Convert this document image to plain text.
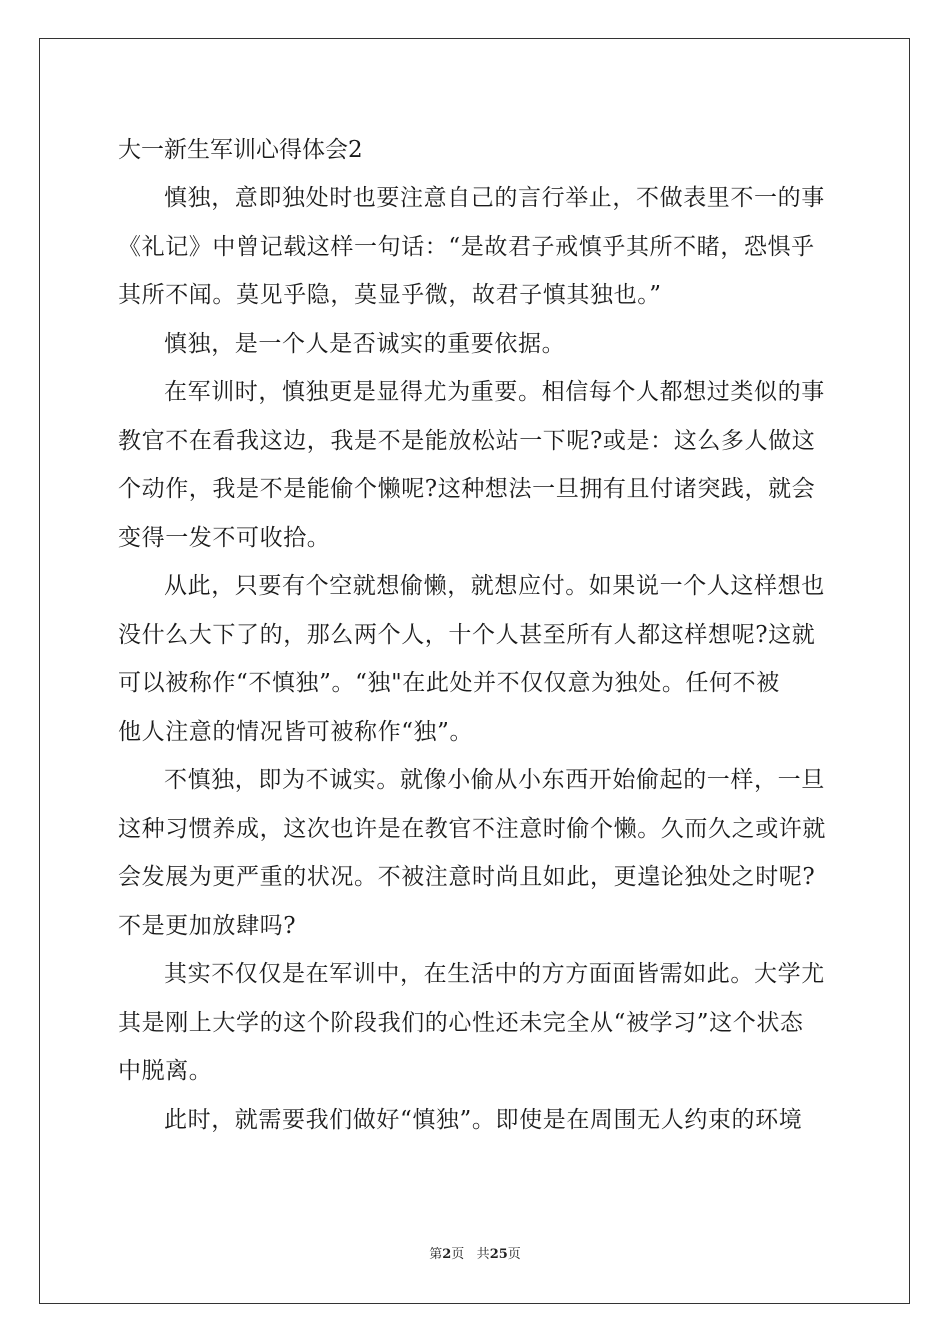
大一新生军训心得体会2

慎独，意即独处时也要注意自己的言行举止，不做表里不一的事
《礼记》中曾记载这样一句话：“是故君子戒慎乎其所不睹，恐惧乎
其所不闻。莫见乎隐，莫显乎微，故君子慎其独也。”

慎独，是一个人是否诚实的重要依据。

在军训时，慎独更是显得尤为重要。相信每个人都想过类似的事
教官不在看我这边，我是不是能放松站一下呢?或是：这么多人做这
个动作，我是不是能偷个懒呢?这种想法一旦拥有且付诸突践，就会
变得一发不可收拾。

从此，只要有个空就想偷懒，就想应付。如果说一个人这样想也
没什么大下了的，那么两个人，十个人甚至所有人都这样想呢?这就
可以被称作“不慎独”。“独"在此处并不仅仅意为独处。任何不被
他人注意的情况皆可被称作“独”。

不慎独，即为不诚实。就像小偷从小东西开始偷起的一样，一旦
这种习惯养成，这次也许是在教官不注意时偷个懒。久而久之或许就
会发展为更严重的状况。不被注意时尚且如此，更遑论独处之时呢?
不是更加放肆吗?

其实不仅仅是在军训中，在生活中的方方面面皆需如此。大学尤
其是刚上大学的这个阶段我们的心性还未完全从“被学习”这个状态
中脱离。

此时，就需要我们做好“慎独”。即使是在周围无人约束的环境

第2页 共25页
